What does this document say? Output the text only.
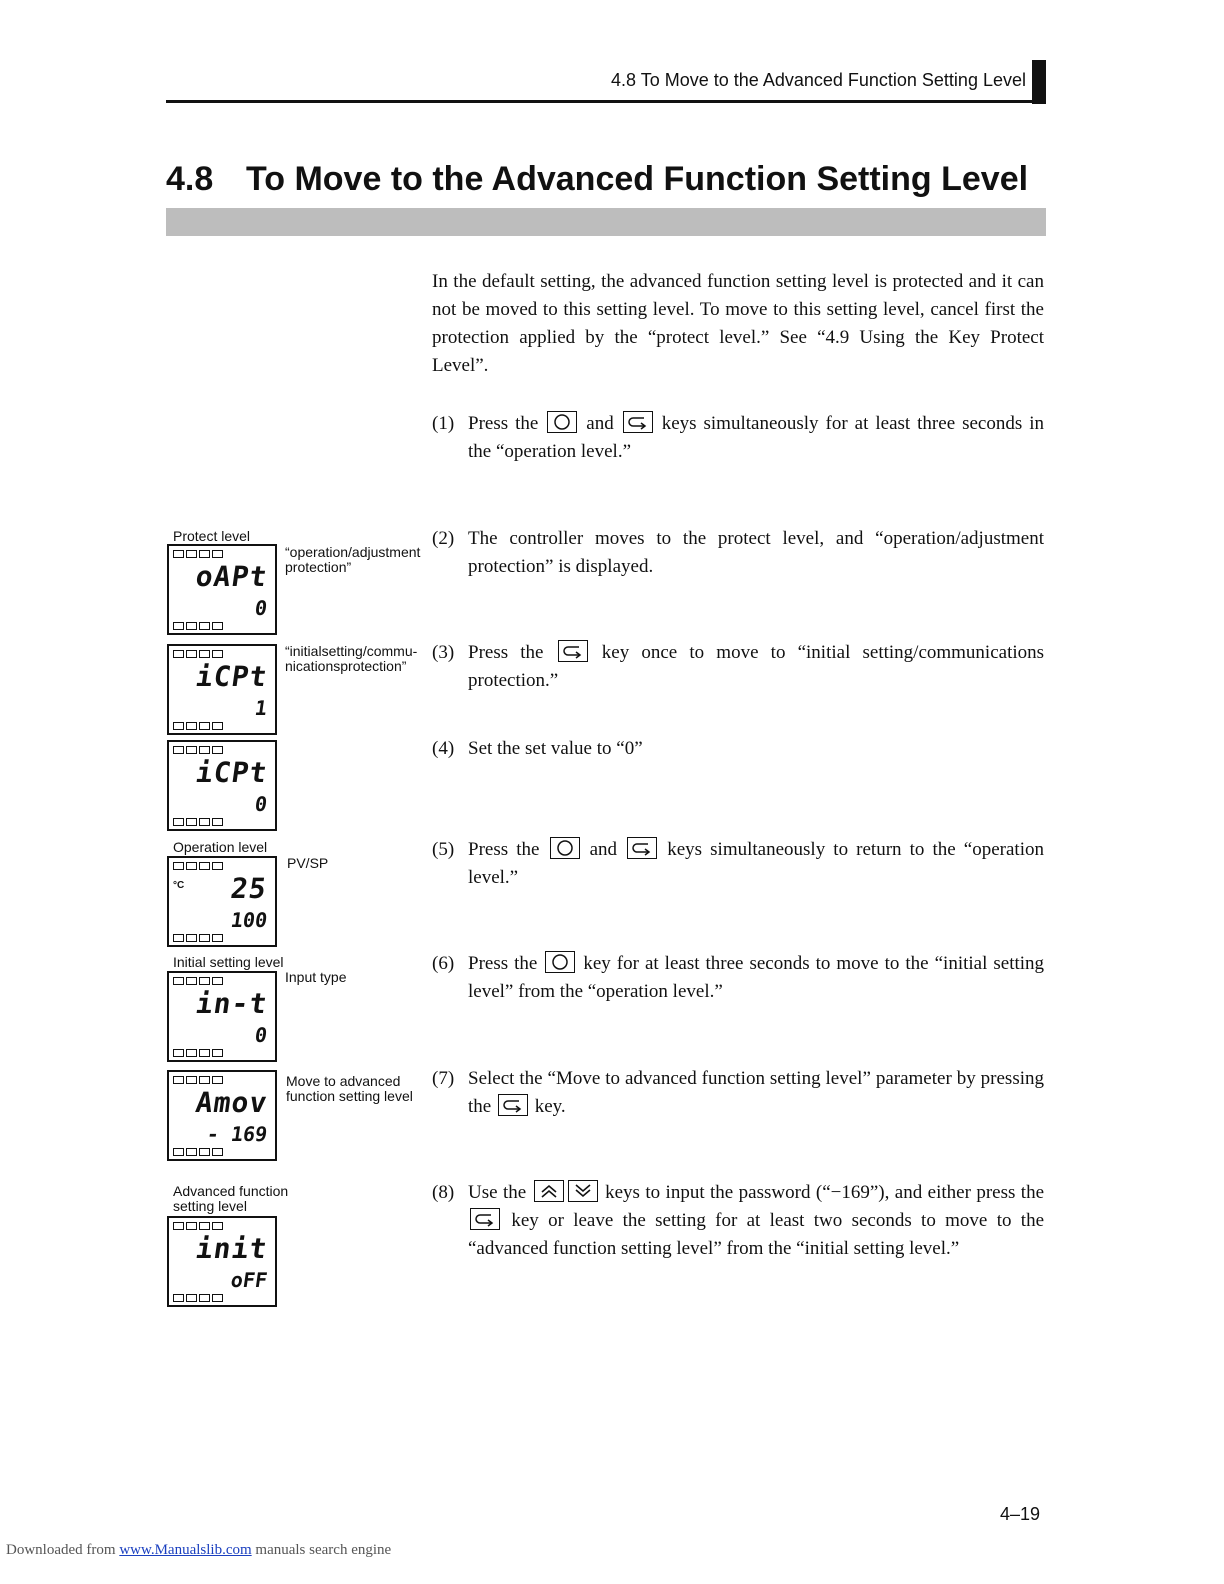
4.8 To Move to the Advanced Function Setting Level
4.8 To Move to the Advanced Function Setting Level
In the default setting, the advanced function setting level is protected and it can not be moved to this setting level. To move to this setting level, cancel first the protection applied by the “protect level.” See “4.9 Using the Key Protect Level”.
(1) Press the	and	keys simultaneously for at least three seconds in the “operation level.”
(2) The controller moves to the protect level, and “operation/adjustment protection” is displayed.
(3) Press the	key once to move to “initial setting/communications protection.”
(4) Set the set value to “0”
(5) Press the	and	keys simultaneously to return to the “operation level.”
(6) Press the key for at least three seconds to move to the “initial setting level” from the “operation level.”
(7) Select the “Move to advanced function setting level” parameter by pressing the key.
(8) Use the	keys to input the password (“−169”), and either press the
key or leave the setting for at least two seconds to move to the “advanced function setting level” from the “initial setting level.”
Protect level
“operation/adjustment protection”
oAPt
0
“initialsetting/commu-nicationsprotection”
iCPt
1
iCPt
0
Operation level
PV/SP
°C 25
100
Initial setting level
Input type
in-t
0
Move to advanced function setting level
Amov
- 169
Advanced function setting level
init
oFF
4–19
Downloaded from www.Manualslib.com manuals search engine
